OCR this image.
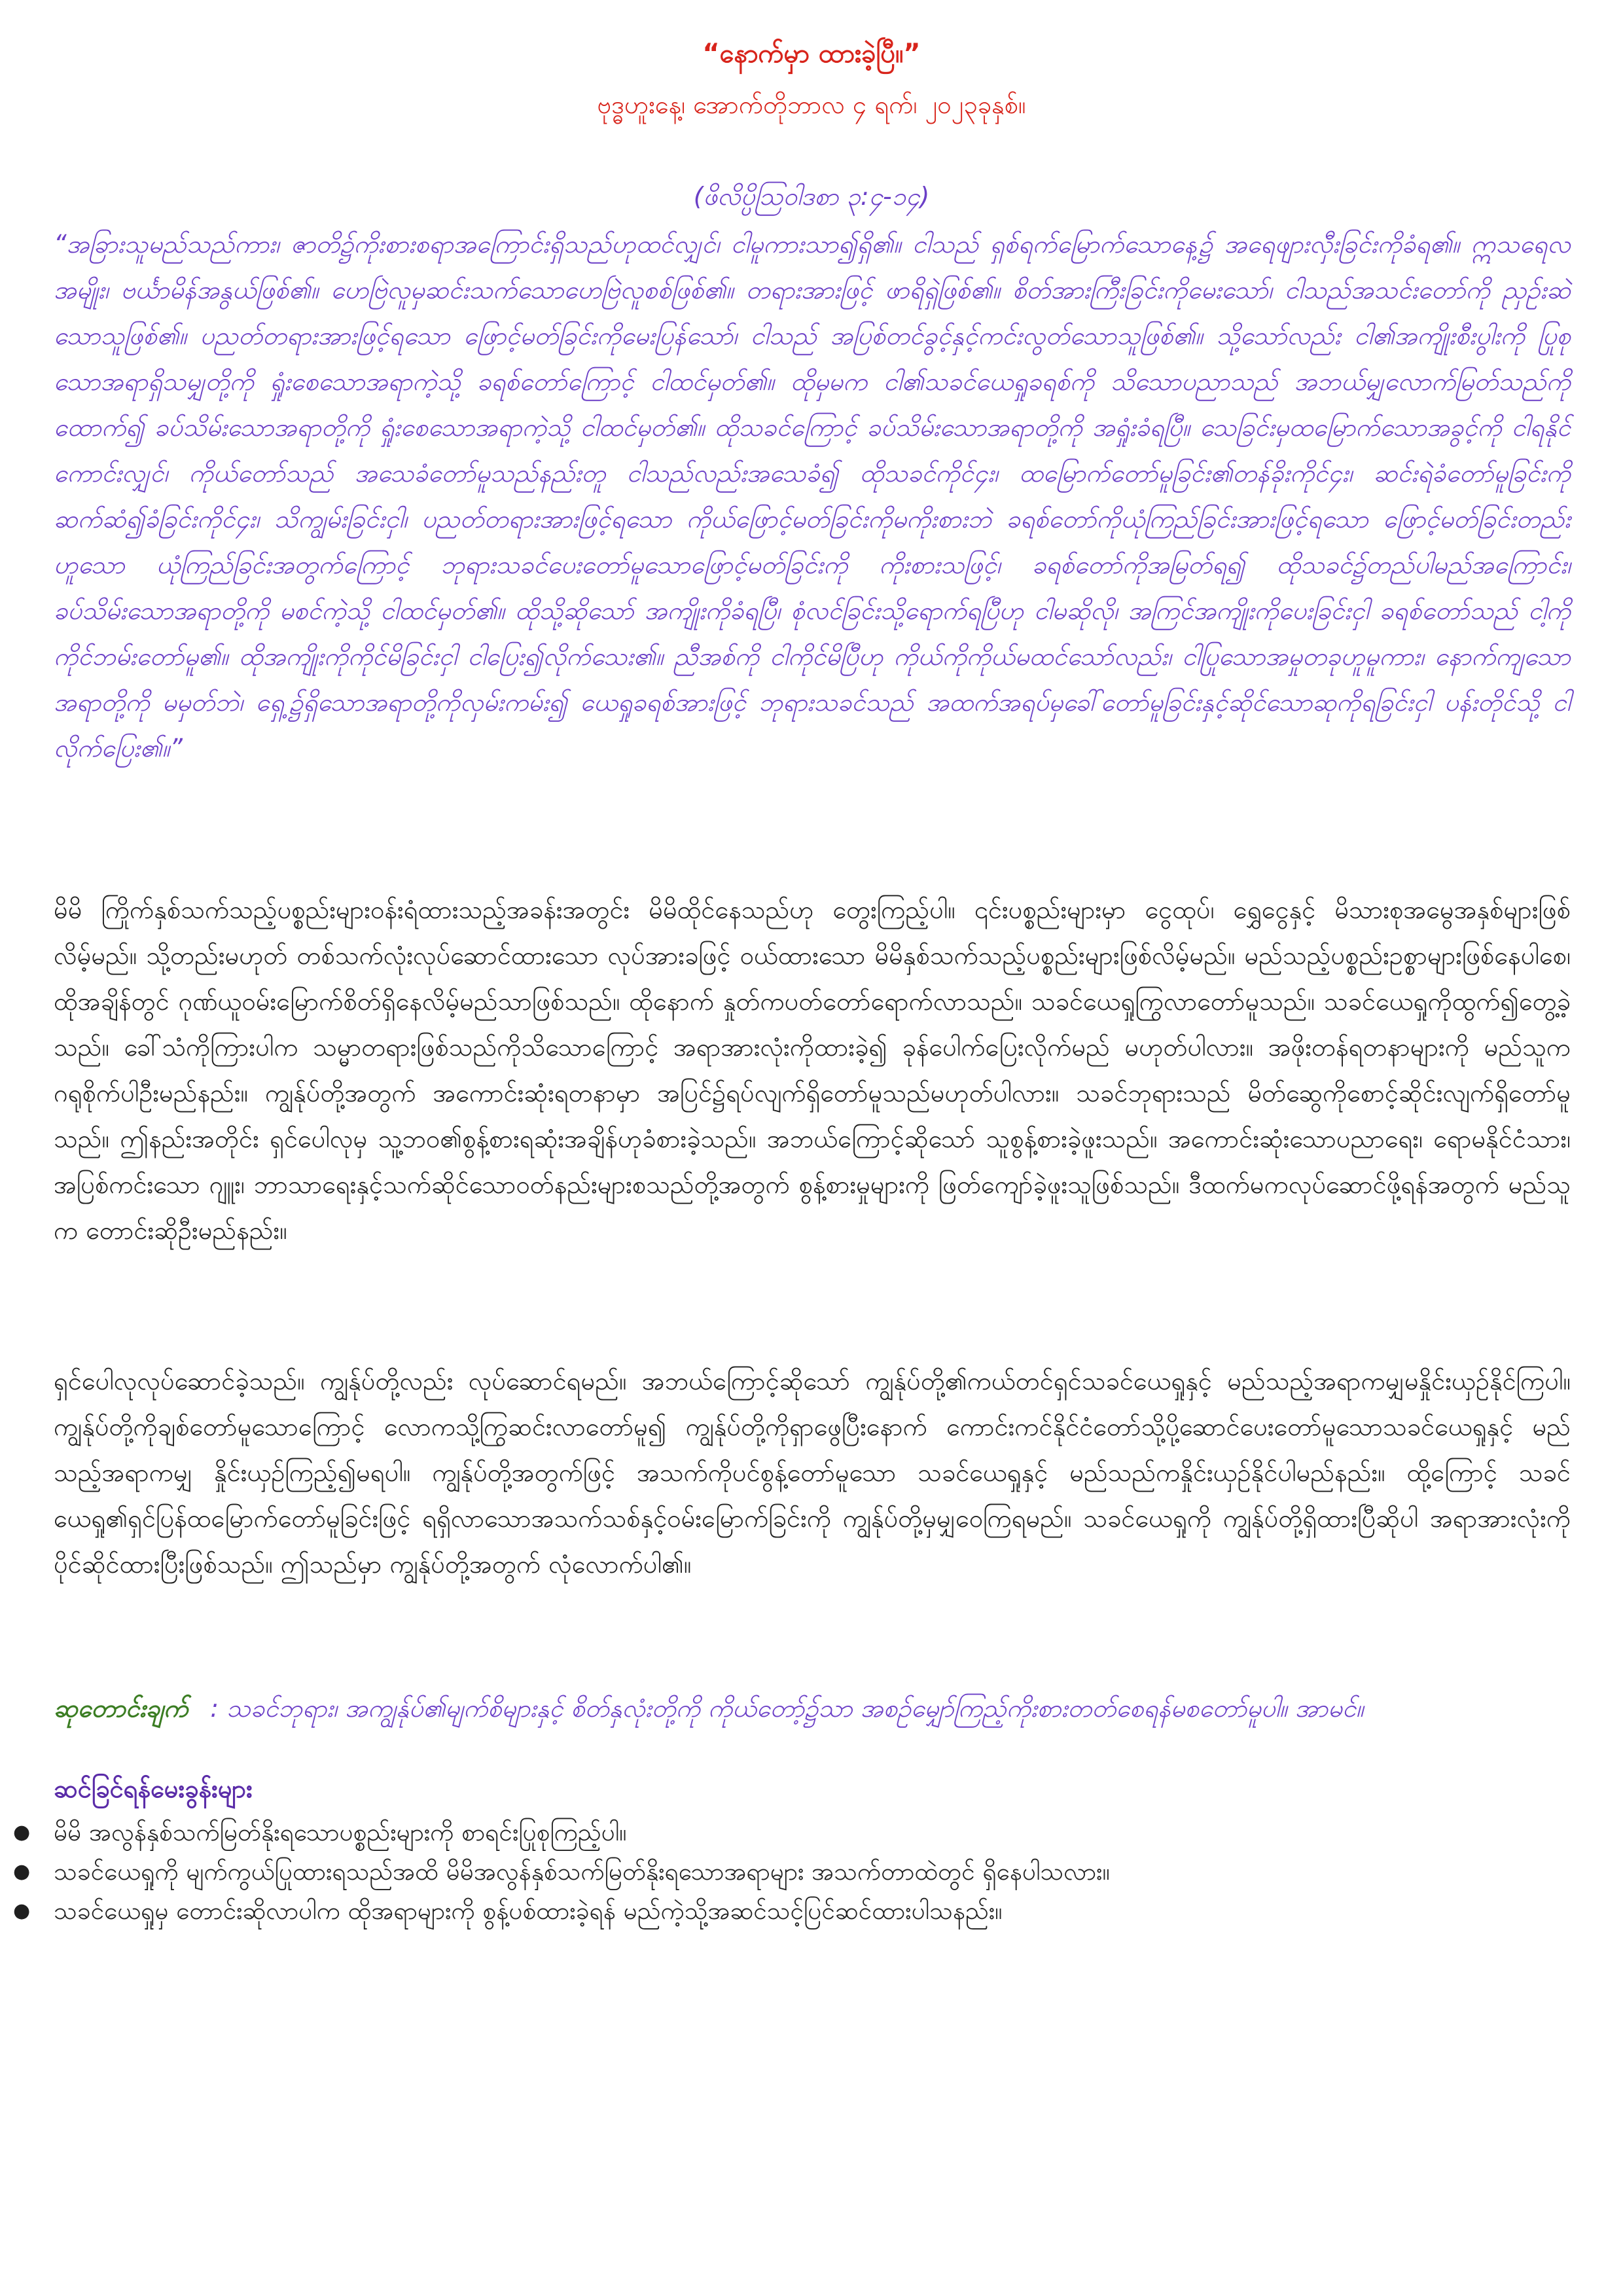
“နောက်မှာ ထားခဲ့ပြီ။”
ဗုဒ္ဓဟူးနေ့၊ အောက်တိုဘာလ ၄ ရက်၊ ၂၀၂၃ခုနှစ်။
(ဖိလိပ္ပိဩဝါဒစာ ၃:၄-၁၄)
“အခြားသူမည်သည်ကား၊ ဇာတိ၌ကိုးစားစရာအကြောင်းရှိသည်ဟုထင်လျှင်၊ ငါမူကားသာ၍ရှိ၏။ ငါသည် ရှစ်ရက်မြောက်သောနေ့၌ အရေဖျားလှီးခြင်းကိုခံရ၏။ ဣသရေလအမျိုး၊ ဗင်္ယာမိန်အနွယ်ဖြစ်၏။ ဟေဗြဲလူမှဆင်းသက်သောဟေဗြဲလူစစ်ဖြစ်၏။ တရားအားဖြင့် ဖာရိရှဲဖြစ်၏။ စိတ်အားကြီးခြင်းကိုမေးသော်၊ ငါသည်အသင်းတော်ကို ညှဥ်းဆဲသောသူဖြစ်၏။ ပညတ်တရားအားဖြင့်ရသော ဖြောင့်မတ်ခြင်းကိုမေးပြန်သော်၊ ငါသည် အပြစ်တင်ခွင့်နှင့်ကင်းလွတ်သောသူဖြစ်၏။ သို့သော်လည်း ငါ၏အကျိုးစီးပွါးကို ပြုစုသောအရာရှိသမျှတို့ကို ရှုံးစေသောအရာကဲ့သို့ ခရစ်တော်ကြောင့် ငါထင်မှတ်၏။ ထိုမှမက ငါ၏သခင်ယေရှုခရစ်ကို သိသောပညာသည် အဘယ်မျှလောက်မြတ်သည်ကိုထောက်၍ ခပ်သိမ်းသောအရာတို့ကို ရှုံးစေသောအရာကဲ့သို့ ငါထင်မှတ်၏။ ထိုသခင်ကြောင့် ခပ်သိမ်းသောအရာတို့ကို အရှုံးခံရပြီ။ သေခြင်းမှထမြောက်သောအခွင့်ကို ငါရနိုင်ကောင်းလျှင်၊ ကိုယ်တော်သည် အသေခံတော်မူသည်နည်းတူ ငါသည်လည်းအသေခံ၍ ထိုသခင်ကိုင်၄း၊ ထမြောက်တော်မူခြင်း၏တန်ခိုးကိုင်၄း၊ ဆင်းရဲခံတော်မူခြင်းကို ဆက်ဆံ၍ခံခြင်းကိုင်၄း၊ သိကျွမ်းခြင်းငှါ၊ ပညတ်တရားအားဖြင့်ရသော ကိုယ်ဖြောင့်မတ်ခြင်းကိုမကိုးစားဘဲ ခရစ်တော်ကိုယုံကြည်ခြင်းအားဖြင့်ရသော ဖြောင့်မတ်ခြင်းတည်းဟူသော ယုံကြည်ခြင်းအတွက်ကြောင့် ဘုရားသခင်ပေးတော်မူသောဖြောင့်မတ်ခြင်းကို ကိုးစားသဖြင့်၊ ခရစ်တော်ကိုအမြတ်ရ၍ ထိုသခင်၌တည်ပါမည်အကြောင်း၊ ခပ်သိမ်းသောအရာတို့ကို မစင်ကဲ့သို့ ငါထင်မှတ်၏။ ထိုသို့ဆိုသော် အကျိုးကိုခံရပြီ၊ စုံလင်ခြင်းသို့ရောက်ရပြီဟု ငါမဆိုလို၊ အကြင်အကျိုးကိုပေးခြင်းငှါ ခရစ်တော်သည် ငါ့ကိုကိုင်ဘမ်းတော်မူ၏။ ထိုအကျိုးကိုကိုင်မိခြင်းငှါ ငါပြေး၍လိုက်သေး၏။ ညီအစ်ကို ငါကိုင်မိပြီဟု ကိုယ်ကိုကိုယ်မထင်သော်လည်း၊ ငါပြုသောအမှုတခုဟူမူကား၊ နောက်ကျသောအရာတို့ကို မမှတ်ဘဲ၊ ရှေ့၌ရှိသောအရာတို့ကိုလှမ်းကမ်း၍ ယေရှုခရစ်အားဖြင့် ဘုရားသခင်သည် အထက်အရပ်မှခေါ်တော်မူခြင်းနှင့်ဆိုင်သောဆုကိုရခြင်းငှါ ပန်းတိုင်သို့ ငါလိုက်ပြေး၏။”
မိမိ ကြိုက်နှစ်သက်သည့်ပစ္စည်းများဝန်းရံထားသည့်အခန်းအတွင်း မိမိထိုင်နေသည်ဟု တွေးကြည့်ပါ။ ၎င်းပစ္စည်းများမှာ ငွေထုပ်၊ ရွှေငွေနှင့် မိသားစုအမွေအနှစ်များဖြစ်လိမ့်မည်။ သို့တည်းမဟုတ် တစ်သက်လုံးလုပ်ဆောင်ထားသော လုပ်အားခဖြင့် ဝယ်ထားသော မိမိနှစ်သက်သည့်ပစ္စည်းများဖြစ်လိမ့်မည်။ မည်သည့်ပစ္စည်းဥစ္စာများဖြစ်နေပါစေ၊ ထိုအချိန်တွင် ဂုဏ်ယူဝမ်းမြောက်စိတ်ရှိနေလိမ့်မည်သာဖြစ်သည်။ ထိုနောက် နှုတ်ကပတ်တော်ရောက်လာသည်။ သခင်ယေရှုကြွလာတော်မူသည်။ သခင်ယေရှုကိုထွက်၍တွေ့ခဲ့သည်။ ခေါ်သံကိုကြားပါက သမ္မာတရားဖြစ်သည်ကိုသိသောကြောင့် အရာအားလုံးကိုထားခဲ့၍ ခုန်ပေါက်ပြေးလိုက်မည် မဟုတ်ပါလား။ အဖိုးတန်ရတနာများကို မည်သူက ဂရုစိုက်ပါဦးမည်နည်း။ ကျွန်ုပ်တို့အတွက် အကောင်းဆုံးရတနာမှာ အပြင်၌ရပ်လျက်ရှိတော်မူသည်မဟုတ်ပါလား။ သခင်ဘုရားသည် မိတ်ဆွေကိုစောင့်ဆိုင်းလျက်ရှိတော်မူသည်။ ဤနည်းအတိုင်း ရှင်ပေါလုမှ သူ့ဘဝ၏စွန့်စားရဆုံးအချိန်ဟုခံစားခဲ့သည်။ အဘယ်ကြောင့်ဆိုသော် သူစွန့်စားခဲ့ဖူးသည်။ အကောင်းဆုံးသောပညာရေး၊ ရောမနိုင်ငံသား၊ အပြစ်ကင်းသော ဂျူး၊ ဘာသာရေးနှင့်သက်ဆိုင်သောဝတ်နည်းများစသည်တို့အတွက် စွန့်စားမှုများကို ဖြတ်ကျော်ခဲ့ဖူးသူဖြစ်သည်။ ဒီထက်မကလုပ်ဆောင်ဖို့ရန်အတွက် မည်သူက တောင်းဆိုဦးမည်နည်း။
ရှင်ပေါလုလုပ်ဆောင်ခဲ့သည်။ ကျွန်ုပ်တို့လည်း လုပ်ဆောင်ရမည်။ အဘယ်ကြောင့်ဆိုသော် ကျွန်ုပ်တို့၏ကယ်တင်ရှင်သခင်ယေရှုနှင့် မည်သည့်အရာကမျှမနှိုင်းယှဥ်နိုင်ကြပါ။ ကျွန်ုပ်တို့ကိုချစ်တော်မူသောကြောင့် လောကသို့ကြွဆင်းလာတော်မူ၍ ကျွန်ုပ်တို့ကိုရှာဖွေပြီးနောက် ကောင်းကင်နိုင်ငံတော်သို့ပို့ဆောင်ပေးတော်မူသောသခင်ယေရှုနှင့် မည်သည့်အရာကမျှ နှိုင်းယှဥ်ကြည့်၍မရပါ။ ကျွန်ုပ်တို့အတွက်ဖြင့် အသက်ကိုပင်စွန့်တော်မူသော သခင်ယေရှုနှင့် မည်သည်ကနှိုင်းယှဥ်နိုင်ပါမည်နည်း။ ထို့ကြောင့် သခင်ယေရှု၏ရှင်ပြန်ထမြောက်တော်မူခြင်းဖြင့် ရရှိလာသောအသက်သစ်နှင့်ဝမ်းမြောက်ခြင်းကို ကျွန်ုပ်တို့မှမျှဝေကြရမည်။ သခင်ယေရှုကို ကျွန်ုပ်တို့ရှိထားပြီဆိုပါ အရာအားလုံးကိုပိုင်ဆိုင်ထားပြီးဖြစ်သည်။ ဤသည်မှာ ကျွန်ုပ်တို့အတွက် လုံလောက်ပါ၏။
ဆုတောင်းချက် : သခင်ဘုရား၊ အကျွန်ုပ်၏မျက်စိများနှင့် စိတ်နှလုံးတို့ကို ကိုယ်တော့်၌သာ အစဉ်မျှော်ကြည့်ကိုးစားတတ်စေရန်မစတော်မူပါ။ အာမင်။
ဆင်ခြင်ရန်မေးခွန်းများ
● မိမိ အလွန်နှစ်သက်မြတ်နိုးရသောပစ္စည်းများကို စာရင်းပြုစုကြည့်ပါ။
● သခင်ယေရှုကို မျက်ကွယ်ပြုထားရသည်အထိ မိမိအလွန်နှစ်သက်မြတ်နိုးရသောအရာများ အသက်တာထဲတွင် ရှိနေပါသလား။
● သခင်ယေရှုမှ တောင်းဆိုလာပါက ထိုအရာများကို စွန့်ပစ်ထားခဲ့ရန် မည်ကဲ့သို့အဆင်သင့်ပြင်ဆင်ထားပါသနည်း။
